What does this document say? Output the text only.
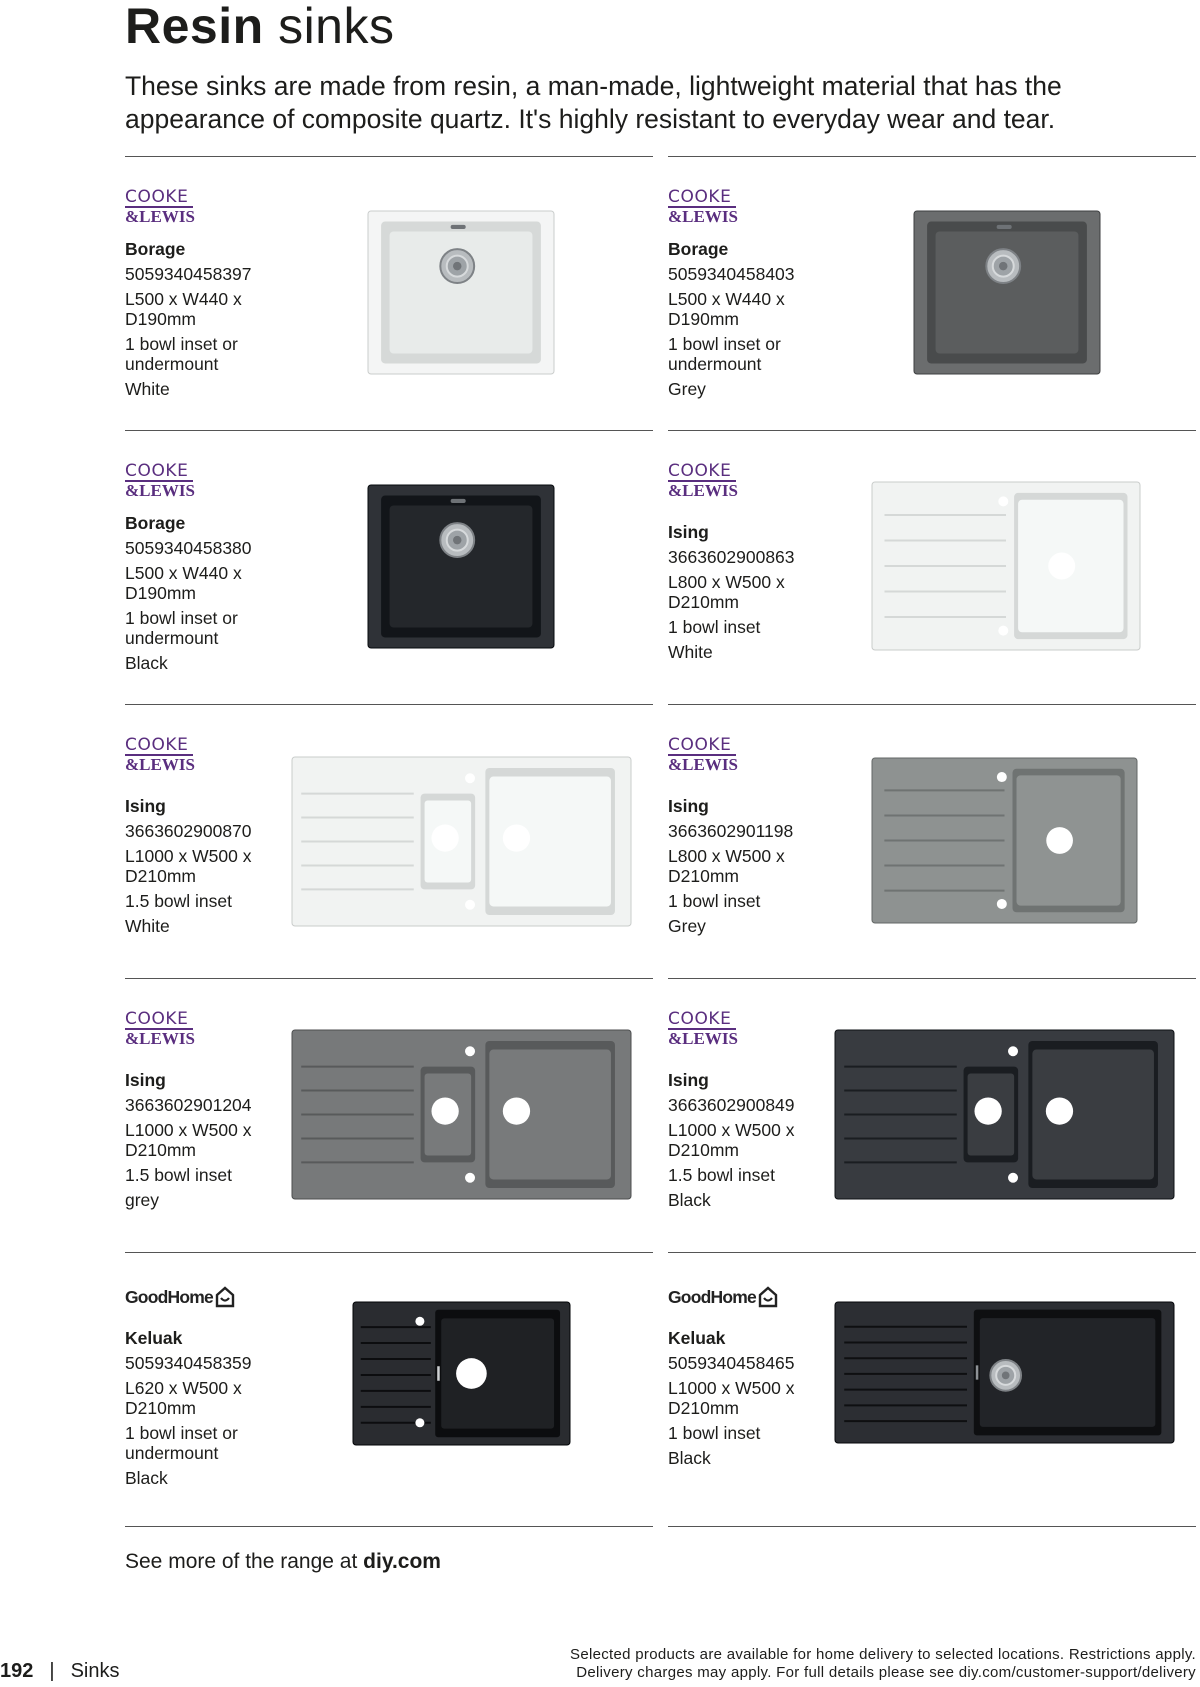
Resin sinks

These sinks are made from resin, a man-made, lightweight material that has the appearance of composite quartz. It's highly resistant to everyday wear and tear.

COOKE
&LEWIS
Borage
5059340458397
L500 x W440 x
D190mm
1 bowl inset or
undermount
White
COOKE
&LEWIS
Borage
5059340458403
L500 x W440 x
D190mm
1 bowl inset or
undermount
Grey
COOKE
&LEWIS
Borage
5059340458380
L500 x W440 x
D190mm
1 bowl inset or
undermount
Black
COOKE
&LEWIS
Ising
3663602900863
L800 x W500 x
D210mm
1 bowl inset
White
COOKE
&LEWIS
Ising
3663602900870
L1000 x W500 x
D210mm
1.5 bowl inset
White
COOKE
&LEWIS
Ising
3663602901198
L800 x W500 x
D210mm
1 bowl inset
Grey
COOKE
&LEWIS
Ising
3663602901204
L1000 x W500 x
D210mm
1.5 bowl inset
grey
COOKE
&LEWIS
Ising
3663602900849
L1000 x W500 x
D210mm
1.5 bowl inset
Black
GoodHome
Keluak
5059340458359
L620 x W500 x
D210mm
1 bowl inset or
undermount
Black
GoodHome
Keluak
5059340458465
L1000 x W500 x
D210mm
1 bowl inset
Black

See more of the range at diy.com

192 | Sinks
Selected products are available for home delivery to selected locations. Restrictions apply.
Delivery charges may apply. For full details please see diy.com/customer-support/delivery
